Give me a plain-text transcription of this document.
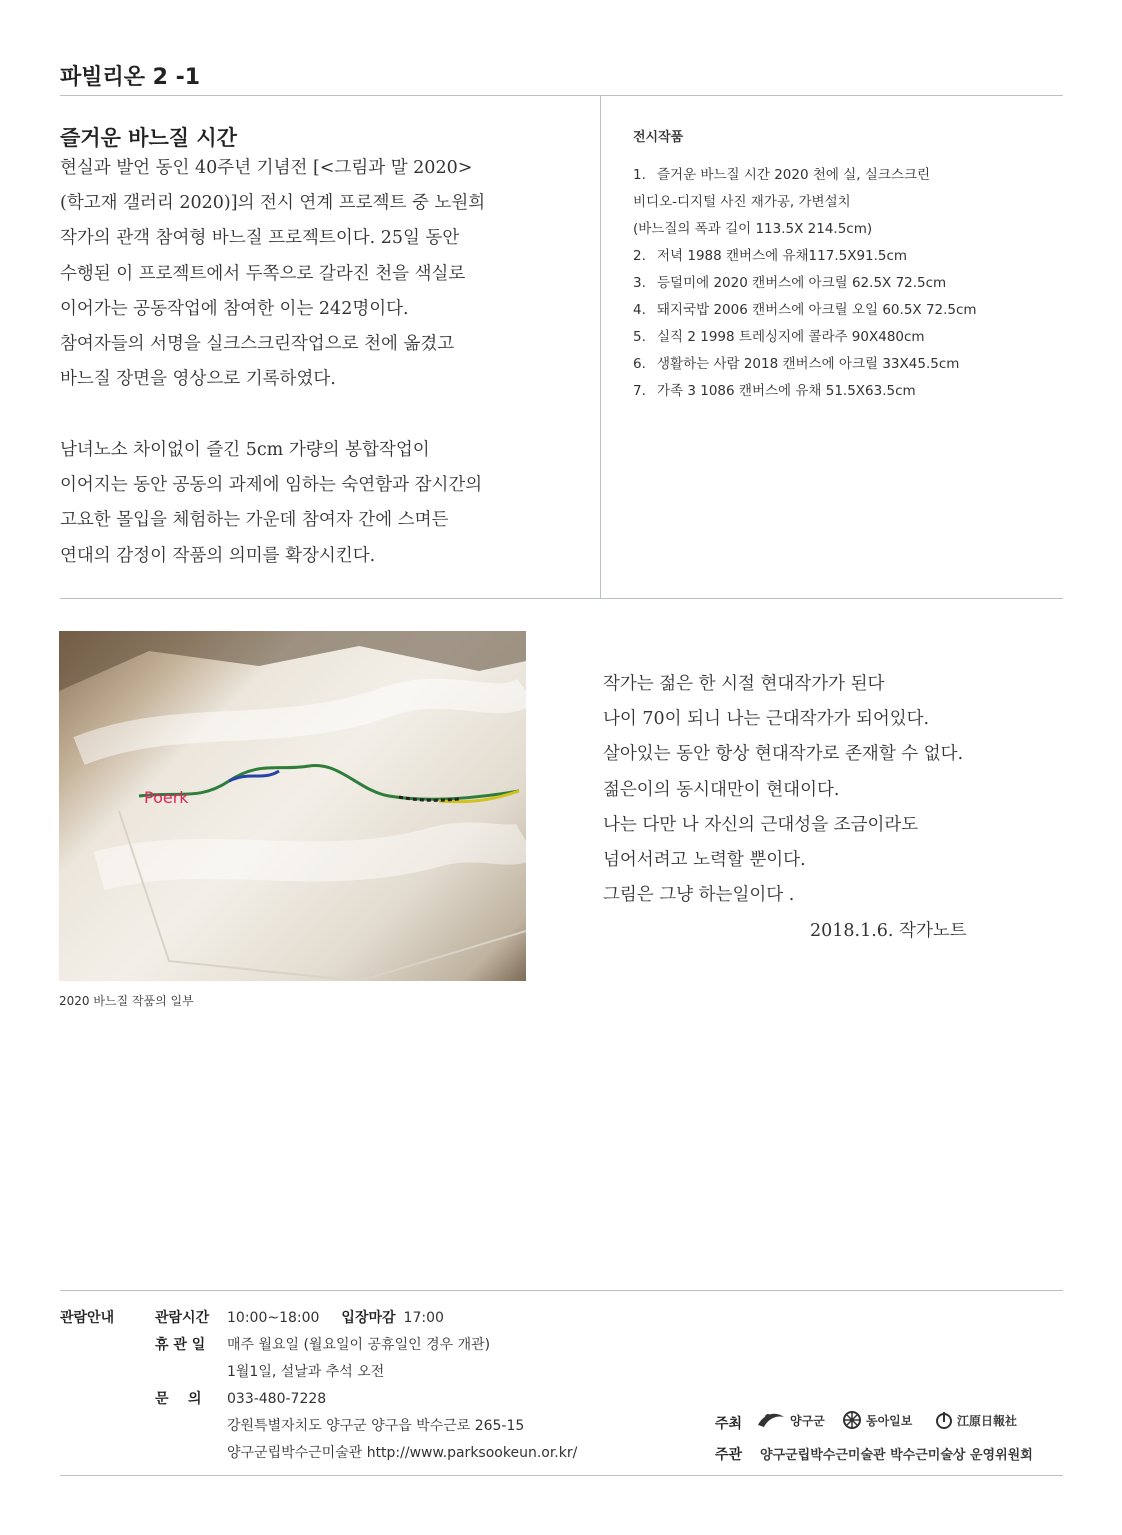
파빌리온 2 -1
즐거운 바느질 시간

현실과 발언 동인 40주년 기념전 [<그림과 말 2020>

(학고재 갤러리 2020)]의 전시 연계 프로젝트 중 노원희

작가의 관객 참여형 바느질 프로젝트이다. 25일 동안

수행된 이 프로젝트에서 두쪽으로 갈라진 천을 색실로

이어가는 공동작업에 참여한 이는 242명이다.

참여자들의 서명을 실크스크린작업으로 천에 옮겼고

바느질 장면을 영상으로 기록하였다.

남녀노소 차이없이 즐긴 5cm 가량의 봉합작업이

이어지는 동안 공동의 과제에 임하는 숙연함과 잠시간의

고요한 몰입을 체험하는 가운데 참여자 간에 스며든

연대의 감정이 작품의 의미를 확장시킨다.

전시작품
1. 즐거운 바느질 시간 2020 천에 실, 실크스크린
비디오-디지털 사진 재가공, 가변설치
(바느질의 폭과 길이 113.5X 214.5cm)
2. 저녁 1988 캔버스에 유채117.5X91.5cm
3. 등덜미에 2020 캔버스에 아크릴 62.5X 72.5cm
4. 돼지국밥 2006 캔버스에 아크릴 오일 60.5X 72.5cm
5. 실직 2 1998 트레싱지에 콜라주 90X480cm
6. 생활하는 사람 2018 캔버스에 아크릴 33X45.5cm
7. 가족 3 1086 캔버스에 유채 51.5X63.5cm
Poerk
2020 바느질 작품의 일부

작가는 젊은 한 시절 현대작가가 된다

나이 70이 되니 나는 근대작가가 되어있다.

살아있는 동안 항상 현대작가로 존재할 수 없다.

젊은이의 동시대만이 현대이다.

나는 다만 나 자신의 근대성을 조금이라도

넘어서려고 노력할 뿐이다.

그림은 그냥 하는일이다 .

2018.1.6. 작가노트
관람안내	관람시간 10:00~18:00 입장마감 17:00
휴 관 일 매주 월요일 (월요일이 공휴일인 경우 개관)
1월1일, 설날과 추석 오전
문    의 033-480-7228
강원특별자치도 양구군 양구읍 박수근로 265-15
양구군립박수근미술관 http://www.parksookeun.or.kr/
주최	양구군	동아일보	江原日報社
주관 양구군립박수근미술관 박수근미술상 운영위원회
